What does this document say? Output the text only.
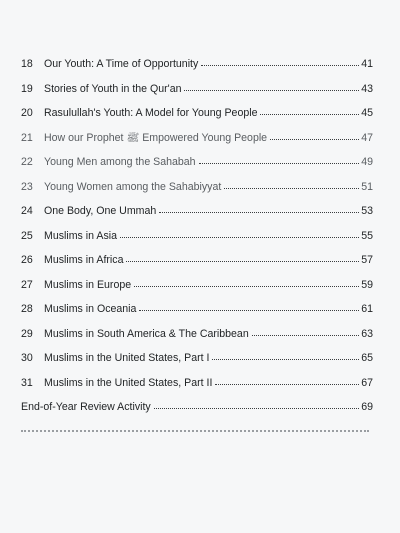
18	Our Youth: A Time of Opportunity	41
19	Stories of Youth in the Qur'an	43
20	Rasulullah's Youth: A Model for Young People	45
21	How our Prophet ﷺ Empowered Young People	47
22	Young Men among the Sahabah	49
23	Young Women among the Sahabiyyat	51
24	One Body, One Ummah	53
25	Muslims in Asia	55
26	Muslims in Africa	57
27	Muslims in Europe	59
28	Muslims in Oceania	61
29	Muslims in South America & The Caribbean	63
30	Muslims in the United States, Part I	65
31	Muslims in the United States, Part II	67
End-of-Year Review Activity	69
